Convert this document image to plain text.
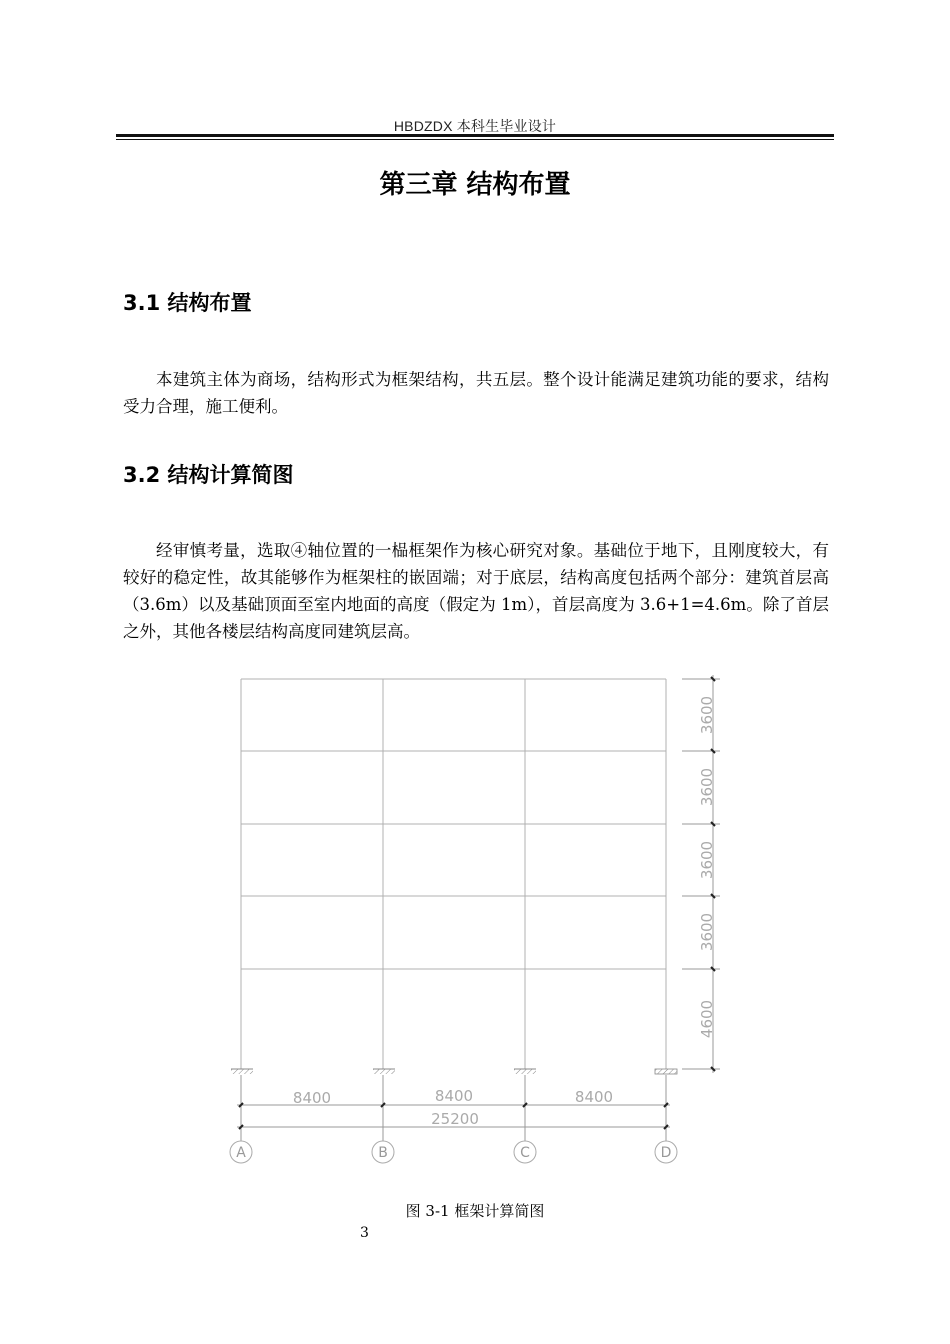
HBDZDX 本科生毕业设计
第三章 结构布置
3.1 结构布置

本建筑主体为商场，结构形式为框架结构，共五层。整个设计能满足建筑功能的要求，结构受力合理，施工便利。

3.2 结构计算简图

经审慎考量，选取④轴位置的一榀框架作为核心研究对象。基础位于地下，且刚度较大，有较好的稳定性，故其能够作为框架柱的嵌固端；对于底层，结构高度包括两个部分：建筑首层高（3.6m）以及基础顶面至室内地面的高度（假定为 1m），首层高度为 3.6+1=4.6m。除了首层之外，其他各楼层结构高度同建筑层高。

3600
3600
3600
3600
4600
8400	8400	8400
25200
A	B	C	D
图 3-1 框架计算简图
3
